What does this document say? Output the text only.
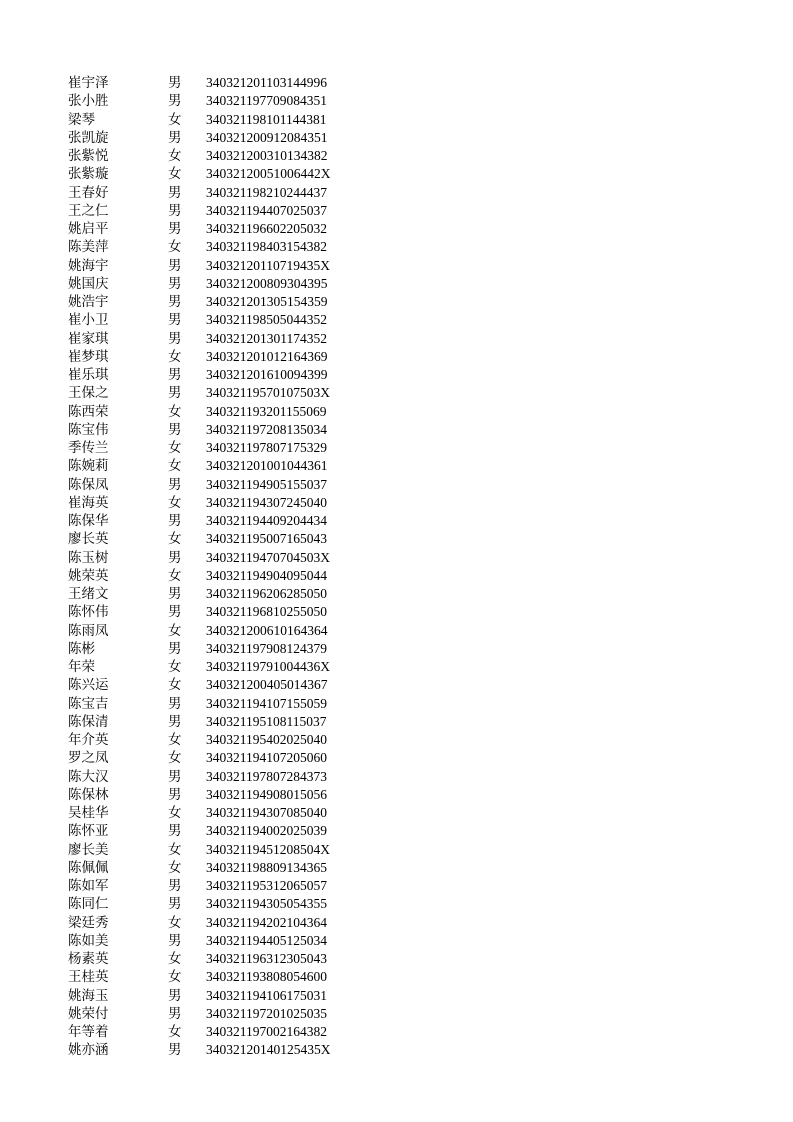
崔宇泽	男 340321201103144996
张小胜	男 340321197709084351
梁琴	女 340321198101144381
张凯旋	男 340321200912084351
张紫悦	女 340321200310134382
张紫璇	女 34032120051006442X
王春好	男 340321198210244437
王之仁	男 340321194407025037
姚启平	男 340321196602205032
陈美萍	女 340321198403154382
姚海宇	男 34032120110719435X
姚国庆	男 340321200809304395
姚浩宇	男 340321201305154359
崔小卫	男 340321198505044352
崔家琪	男 340321201301174352
崔梦琪	女 340321201012164369
崔乐琪	男 340321201610094399
王保之	男 34032119570107503X
陈西荣	女 340321193201155069
陈宝伟	男 340321197208135034
季传兰	女 340321197807175329
陈婉莉	女 340321201001044361
陈保凤	男 340321194905155037
崔海英	女 340321194307245040
陈保华	男 340321194409204434
廖长英	女 340321195007165043
陈玉树	男 34032119470704503X
姚荣英	女 340321194904095044
王绪文	男 340321196206285050
陈怀伟	男 340321196810255050
陈雨凤	女 340321200610164364
陈彬	男 340321197908124379
年荣	女 34032119791004436X
陈兴运	女 340321200405014367
陈宝吉	男 340321194107155059
陈保清	男 340321195108115037
年介英	女 340321195402025040
罗之凤	女 340321194107205060
陈大汉	男 340321197807284373
陈保林	男 340321194908015056
吴桂华	女 340321194307085040
陈怀亚	男 340321194002025039
廖长美	女 34032119451208504X
陈佩佩	女 340321198809134365
陈如军	男 340321195312065057
陈同仁	男 340321194305054355
梁廷秀	女 340321194202104364
陈如美	男 340321194405125034
杨素英	女 340321196312305043
王桂英	女 340321193808054600
姚海玉	男 340321194106175031
姚荣付	男 340321197201025035
年等着	女 340321197002164382
姚亦涵	男 34032120140125435X
